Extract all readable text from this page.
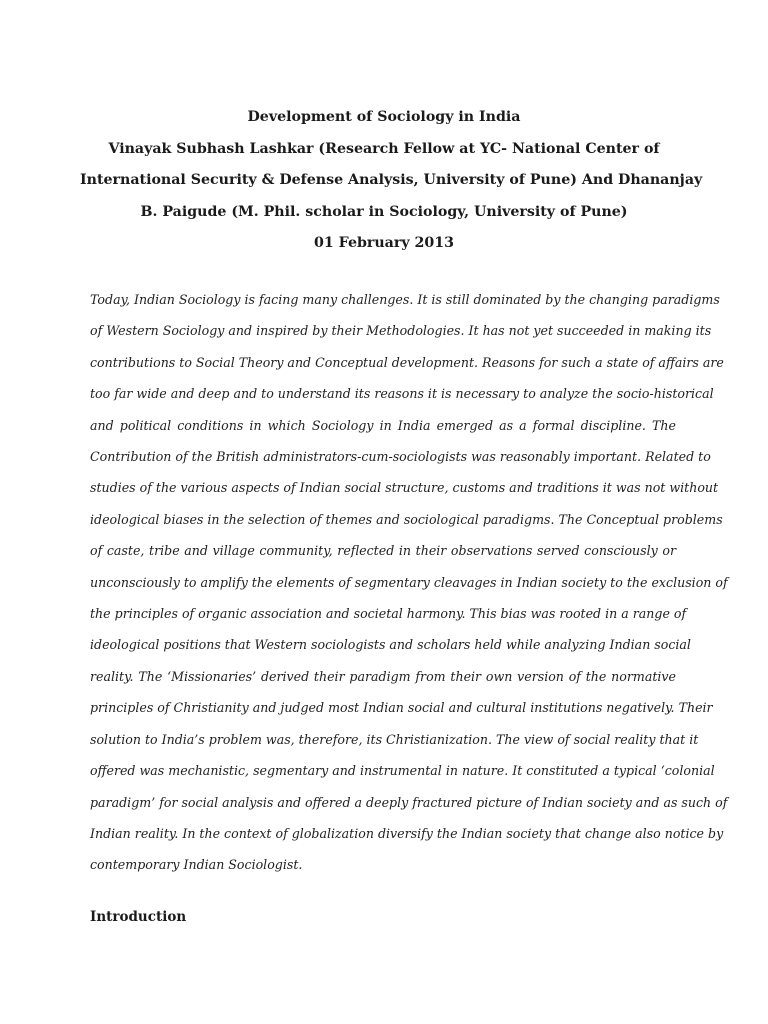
Development of Sociology in India
Vinayak Subhash Lashkar (Research Fellow at YC- National Center of
International Security & Defense Analysis, University of Pune) And Dhananjay
B. Paigude (M. Phil. scholar in Sociology, University of Pune)
01 February 2013
Today, Indian Sociology is facing many challenges. It is still dominated by the changing paradigms
of Western Sociology and inspired by their Methodologies. It has not yet succeeded in making its
contributions to Social Theory and Conceptual development. Reasons for such a state of affairs are
too far wide and deep and to understand its reasons it is necessary to analyze the socio-historical
and political conditions in which Sociology in India emerged as a formal discipline. The
Contribution of the British administrators-cum-sociologists was reasonably important. Related to
studies of the various aspects of Indian social structure, customs and traditions it was not without
ideological biases in the selection of themes and sociological paradigms. The Conceptual problems
of caste, tribe and village community, reflected in their observations served consciously or
unconsciously to amplify the elements of segmentary cleavages in Indian society to the exclusion of
the principles of organic association and societal harmony. This bias was rooted in a range of
ideological positions that Western sociologists and scholars held while analyzing Indian social
reality. The ‘Missionaries’ derived their paradigm from their own version of the normative
principles of Christianity and judged most Indian social and cultural institutions negatively. Their
solution to India’s problem was, therefore, its Christianization. The view of social reality that it
offered was mechanistic, segmentary and instrumental in nature. It constituted a typical ‘colonial
paradigm’ for social analysis and offered a deeply fractured picture of Indian society and as such of
Indian reality. In the context of globalization diversify the Indian society that change also notice by
contemporary Indian Sociologist.
Introduction
